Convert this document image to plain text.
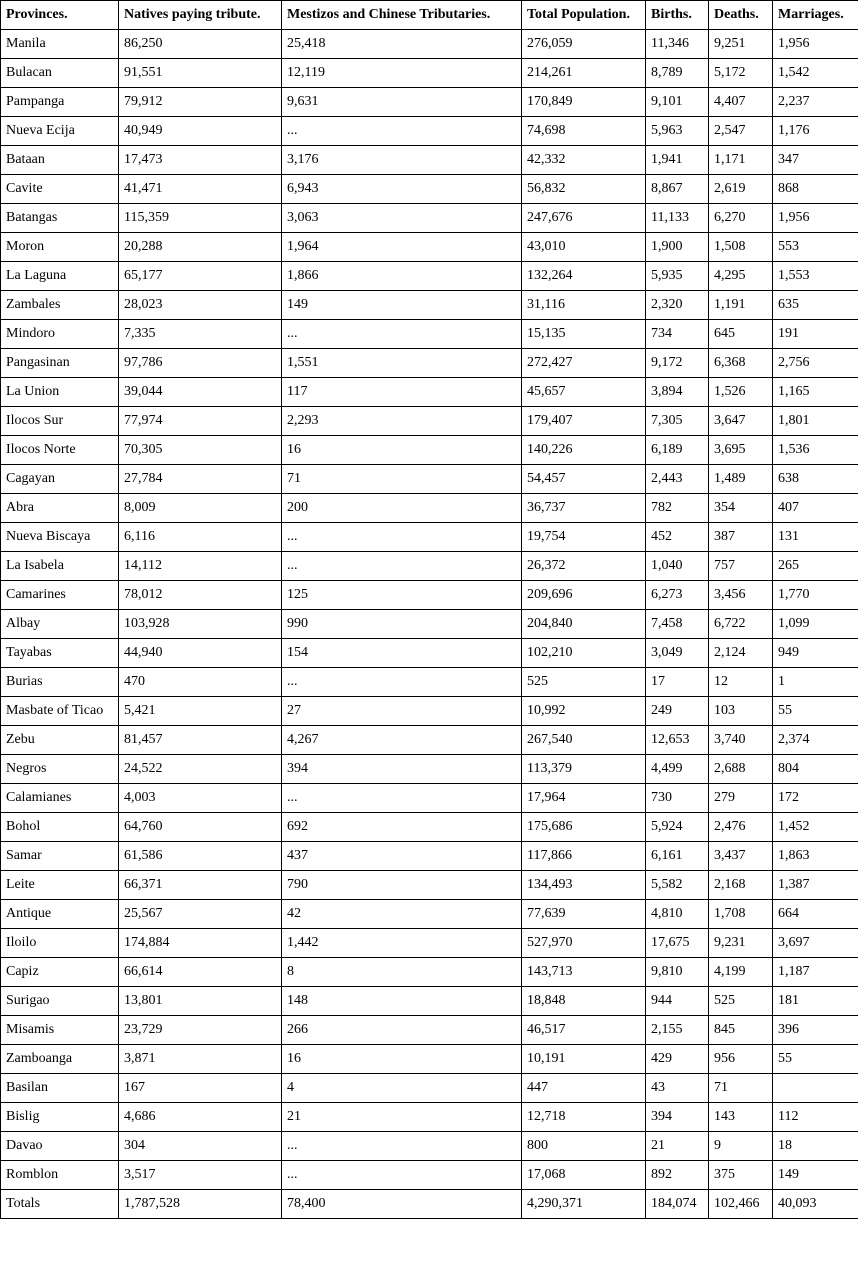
Provinces.	Natives paying tribute.	Mestizos and Chinese Tributaries.	Total Population.	Births.	Deaths.	Marriages.
Manila	86,250	25,418	276,059	11,346	9,251	1,956
Bulacan	91,551	12,119	214,261	8,789	5,172	1,542
Pampanga	79,912	9,631	170,849	9,101	4,407	2,237
Nueva Ecija	40,949	...	74,698	5,963	2,547	1,176
Bataan	17,473	3,176	42,332	1,941	1,171	347
Cavite	41,471	6,943	56,832	8,867	2,619	868
Batangas	115,359	3,063	247,676	11,133	6,270	1,956
Moron	20,288	1,964	43,010	1,900	1,508	553
La Laguna	65,177	1,866	132,264	5,935	4,295	1,553
Zambales	28,023	149	31,116	2,320	1,191	635
Mindoro	7,335	...	15,135	734	645	191
Pangasinan	97,786	1,551	272,427	9,172	6,368	2,756
La Union	39,044	117	45,657	3,894	1,526	1,165
Ilocos Sur	77,974	2,293	179,407	7,305	3,647	1,801
Ilocos Norte	70,305	16	140,226	6,189	3,695	1,536
Cagayan	27,784	71	54,457	2,443	1,489	638
Abra	8,009	200	36,737	782	354	407
Nueva Biscaya	6,116	...	19,754	452	387	131
La Isabela	14,112	...	26,372	1,040	757	265
Camarines	78,012	125	209,696	6,273	3,456	1,770
Albay	103,928	990	204,840	7,458	6,722	1,099
Tayabas	44,940	154	102,210	3,049	2,124	949
Burias	470	...	525	17	12	1
Masbate of Ticao	5,421	27	10,992	249	103	55
Zebu	81,457	4,267	267,540	12,653	3,740	2,374
Negros	24,522	394	113,379	4,499	2,688	804
Calamianes	4,003	...	17,964	730	279	172
Bohol	64,760	692	175,686	5,924	2,476	1,452
Samar	61,586	437	117,866	6,161	3,437	1,863
Leite	66,371	790	134,493	5,582	2,168	1,387
Antique	25,567	42	77,639	4,810	1,708	664
Iloilo	174,884	1,442	527,970	17,675	9,231	3,697
Capiz	66,614	8	143,713	9,810	4,199	1,187
Surigao	13,801	148	18,848	944	525	181
Misamis	23,729	266	46,517	2,155	845	396
Zamboanga	3,871	16	10,191	429	956	55
Basilan	167	4	447	43	71	
Bislig	4,686	21	12,718	394	143	112
Davao	304	...	800	21	9	18
Romblon	3,517	...	17,068	892	375	149
Totals	1,787,528	78,400	4,290,371	184,074	102,466	40,093
